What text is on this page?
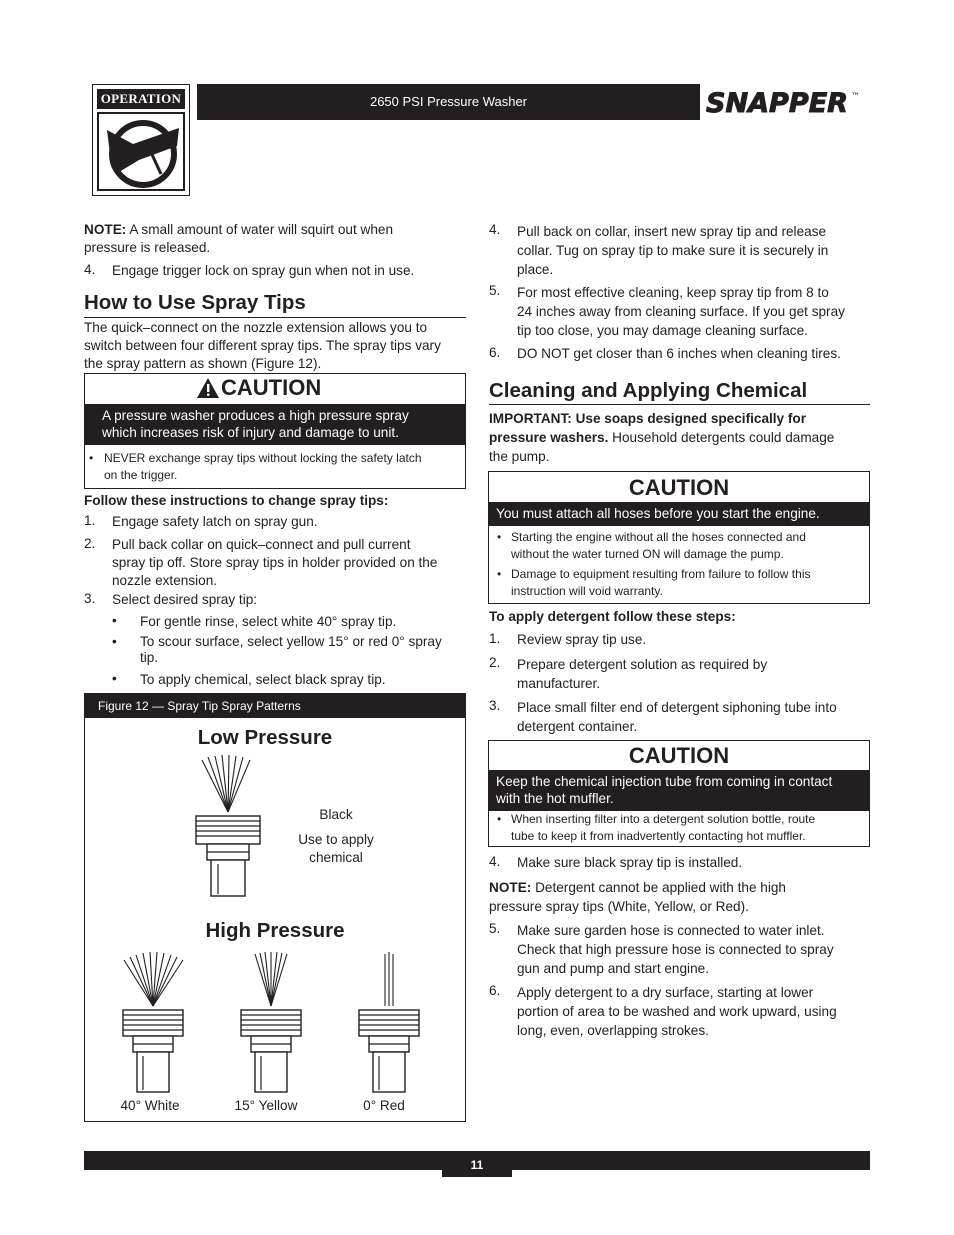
OPERATION	2650 PSI Pressure Washer	SNAPPER ™

NOTE: A small amount of water will squirt out when

pressure is released.

4. Engage trigger lock on spray gun when not in use.
How to Use Spray Tips

The quick–connect on the nozzle extension allows you to

switch between four different spray tips. The spray tips vary

the spray pattern as shown (Figure 12).

CAUTION

A pressure washer produces a high pressure spray

which increases risk of injury and damage to unit.

• NEVER exchange spray tips without locking the safety latch

on the trigger.

Follow these instructions to change spray tips:
1. Engage safety latch on spray gun.
2. Pull back collar on quick–connect and pull current

spray tip off. Store spray tips in holder provided on the

nozzle extension.

3. Select desired spray tip:
• For gentle rinse, select white 40° spray tip.
• To scour surface, select yellow 15° or red 0° spray

tip.

• To apply chemical, select black spray tip.
Figure 12 — Spray Tip Spray Patterns
Low Pressure

Black

Use to apply

chemical

High Pressure
40° White	15° Yellow	0° Red
4. Pull back on collar, insert new spray tip and release

collar. Tug on spray tip to make sure it is securely in

place.

5. For most effective cleaning, keep spray tip from 8 to

24 inches away from cleaning surface. If you get spray

tip too close, you may damage cleaning surface.

6. DO NOT get closer than 6 inches when cleaning tires.
Cleaning and Applying Chemical

IMPORTANT: Use soaps designed specifically for

pressure washers. Household detergents could damage

the pump.

CAUTION
You must attach all hoses before you start the engine.
• Starting the engine without all the hoses connected and

without the water turned ON will damage the pump.

• Damage to equipment resulting from failure to follow this

instruction will void warranty.

To apply detergent follow these steps:
1. Review spray tip use.
2. Prepare detergent solution as required by

manufacturer.

3. Place small filter end of detergent siphoning tube into

detergent container.

CAUTION

Keep the chemical injection tube from coming in contact

with the hot muffler.

• When inserting filter into a detergent solution bottle, route

tube to keep it from inadvertently contacting hot muffler.

4. Make sure black spray tip is installed.

NOTE: Detergent cannot be applied with the high

pressure spray tips (White, Yellow, or Red).

5. Make sure garden hose is connected to water inlet.

Check that high pressure hose is connected to spray

gun and pump and start engine.

6. Apply detergent to a dry surface, starting at lower

portion of area to be washed and work upward, using

long, even, overlapping strokes.

11
